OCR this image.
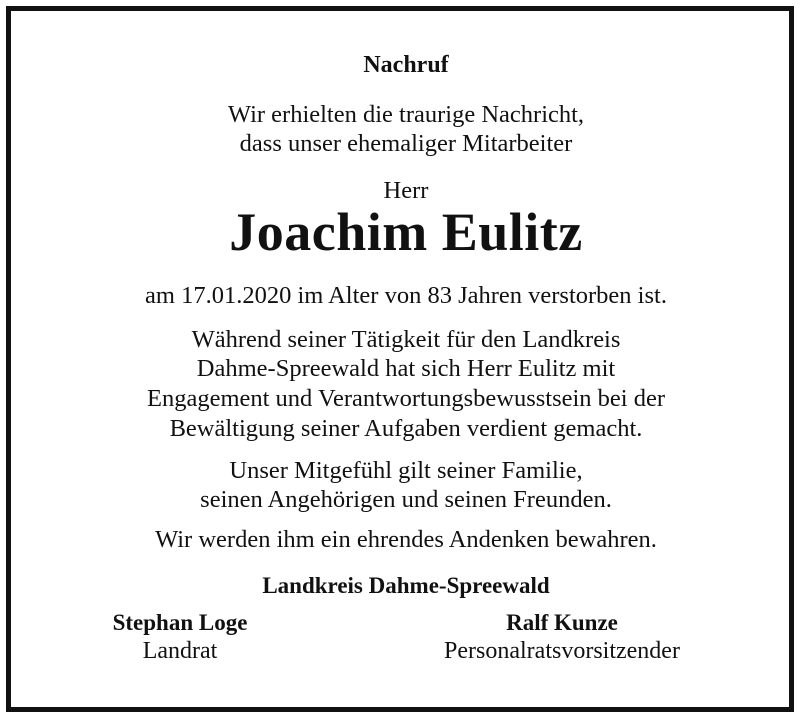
Nachruf
Wir erhielten die traurige Nachricht,
dass unser ehemaliger Mitarbeiter
Herr
Joachim Eulitz
am 17.01.2020 im Alter von 83 Jahren verstorben ist.
Während seiner Tätigkeit für den Landkreis
Dahme-Spreewald hat sich Herr Eulitz mit
Engagement und Verantwortungsbewusstsein bei der
Bewältigung seiner Aufgaben verdient gemacht.
Unser Mitgefühl gilt seiner Familie,
seinen Angehörigen und seinen Freunden.
Wir werden ihm ein ehrendes Andenken bewahren.
Landkreis Dahme-Spreewald
Stephan Loge
Landrat
Ralf Kunze
Personalratsvorsitzender
